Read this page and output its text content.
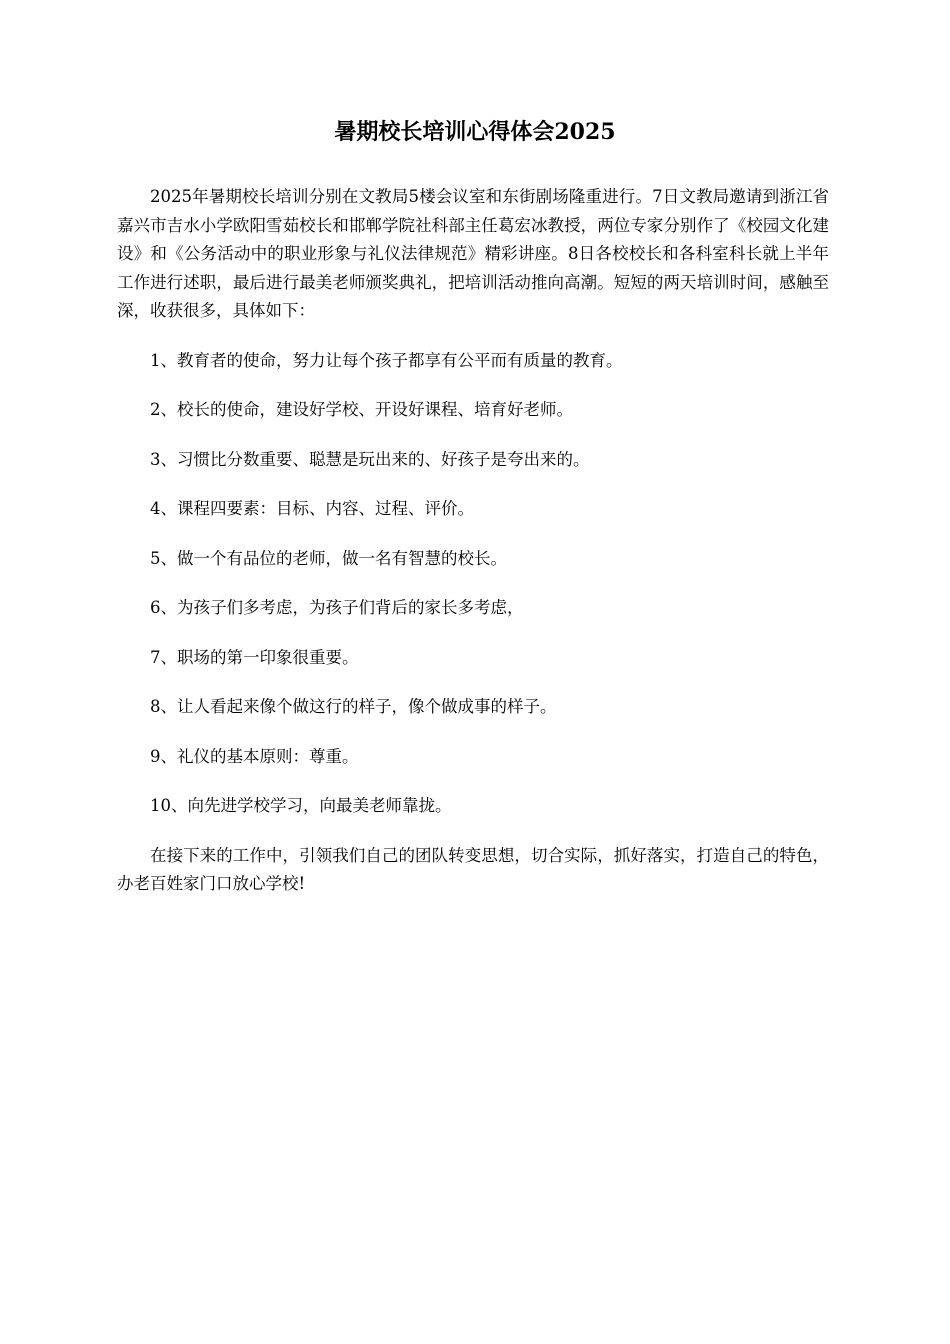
暑期校长培训心得体会2025

2025年暑期校长培训分别在文教局5楼会议室和东街剧场隆重进行。7日文教局邀请到浙江省嘉兴市吉水小学欧阳雪茹校长和邯郸学院社科部主任葛宏冰教授，两位专家分别作了《校园文化建设》和《公务活动中的职业形象与礼仪法律规范》精彩讲座。8日各校校长和各科室科长就上半年工作进行述职，最后进行最美老师颁奖典礼，把培训活动推向高潮。短短的两天培训时间，感触至深，收获很多，具体如下：

1、教育者的使命，努力让每个孩子都享有公平而有质量的教育。
2、校长的使命，建设好学校、开设好课程、培育好老师。
3、习惯比分数重要、聪慧是玩出来的、好孩子是夸出来的。
4、课程四要素：目标、内容、过程、评价。
5、做一个有品位的老师，做一名有智慧的校长。
6、为孩子们多考虑，为孩子们背后的家长多考虑，
7、职场的第一印象很重要。
8、让人看起来像个做这行的样子，像个做成事的样子。
9、礼仪的基本原则：尊重。
10、向先进学校学习，向最美老师靠拢。

在接下来的工作中，引领我们自己的团队转变思想，切合实际，抓好落实，打造自己的特色，办老百姓家门口放心学校!
